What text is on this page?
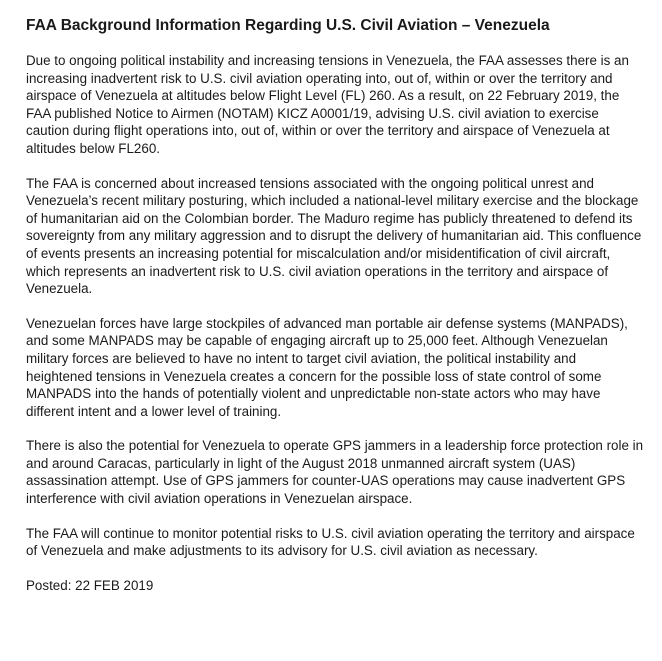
FAA Background Information Regarding U.S. Civil Aviation – Venezuela

Due to ongoing political instability and increasing tensions in Venezuela, the FAA assesses there is an increasing inadvertent risk to U.S. civil aviation operating into, out of, within or over the territory and airspace of Venezuela at altitudes below Flight Level (FL) 260. As a result, on 22 February 2019, the FAA published Notice to Airmen (NOTAM) KICZ A0001/19, advising U.S. civil aviation to exercise caution during flight operations into, out of, within or over the territory and airspace of Venezuela at altitudes below FL260.

The FAA is concerned about increased tensions associated with the ongoing political unrest and Venezuela’s recent military posturing, which included a national-level military exercise and the blockage of humanitarian aid on the Colombian border. The Maduro regime has publicly threatened to defend its sovereignty from any military aggression and to disrupt the delivery of humanitarian aid. This confluence of events presents an increasing potential for miscalculation and/or misidentification of civil aircraft, which represents an inadvertent risk to U.S. civil aviation operations in the territory and airspace of Venezuela.

Venezuelan forces have large stockpiles of advanced man portable air defense systems (MANPADS), and some MANPADS may be capable of engaging aircraft up to 25,000 feet. Although Venezuelan military forces are believed to have no intent to target civil aviation, the political instability and heightened tensions in Venezuela creates a concern for the possible loss of state control of some MANPADS into the hands of potentially violent and unpredictable non-state actors who may have different intent and a lower level of training.

There is also the potential for Venezuela to operate GPS jammers in a leadership force protection role in and around Caracas, particularly in light of the August 2018 unmanned aircraft system (UAS) assassination attempt. Use of GPS jammers for counter-UAS operations may cause inadvertent GPS interference with civil aviation operations in Venezuelan airspace.

The FAA will continue to monitor potential risks to U.S. civil aviation operating the territory and airspace of Venezuela and make adjustments to its advisory for U.S. civil aviation as necessary.

Posted: 22 FEB 2019
